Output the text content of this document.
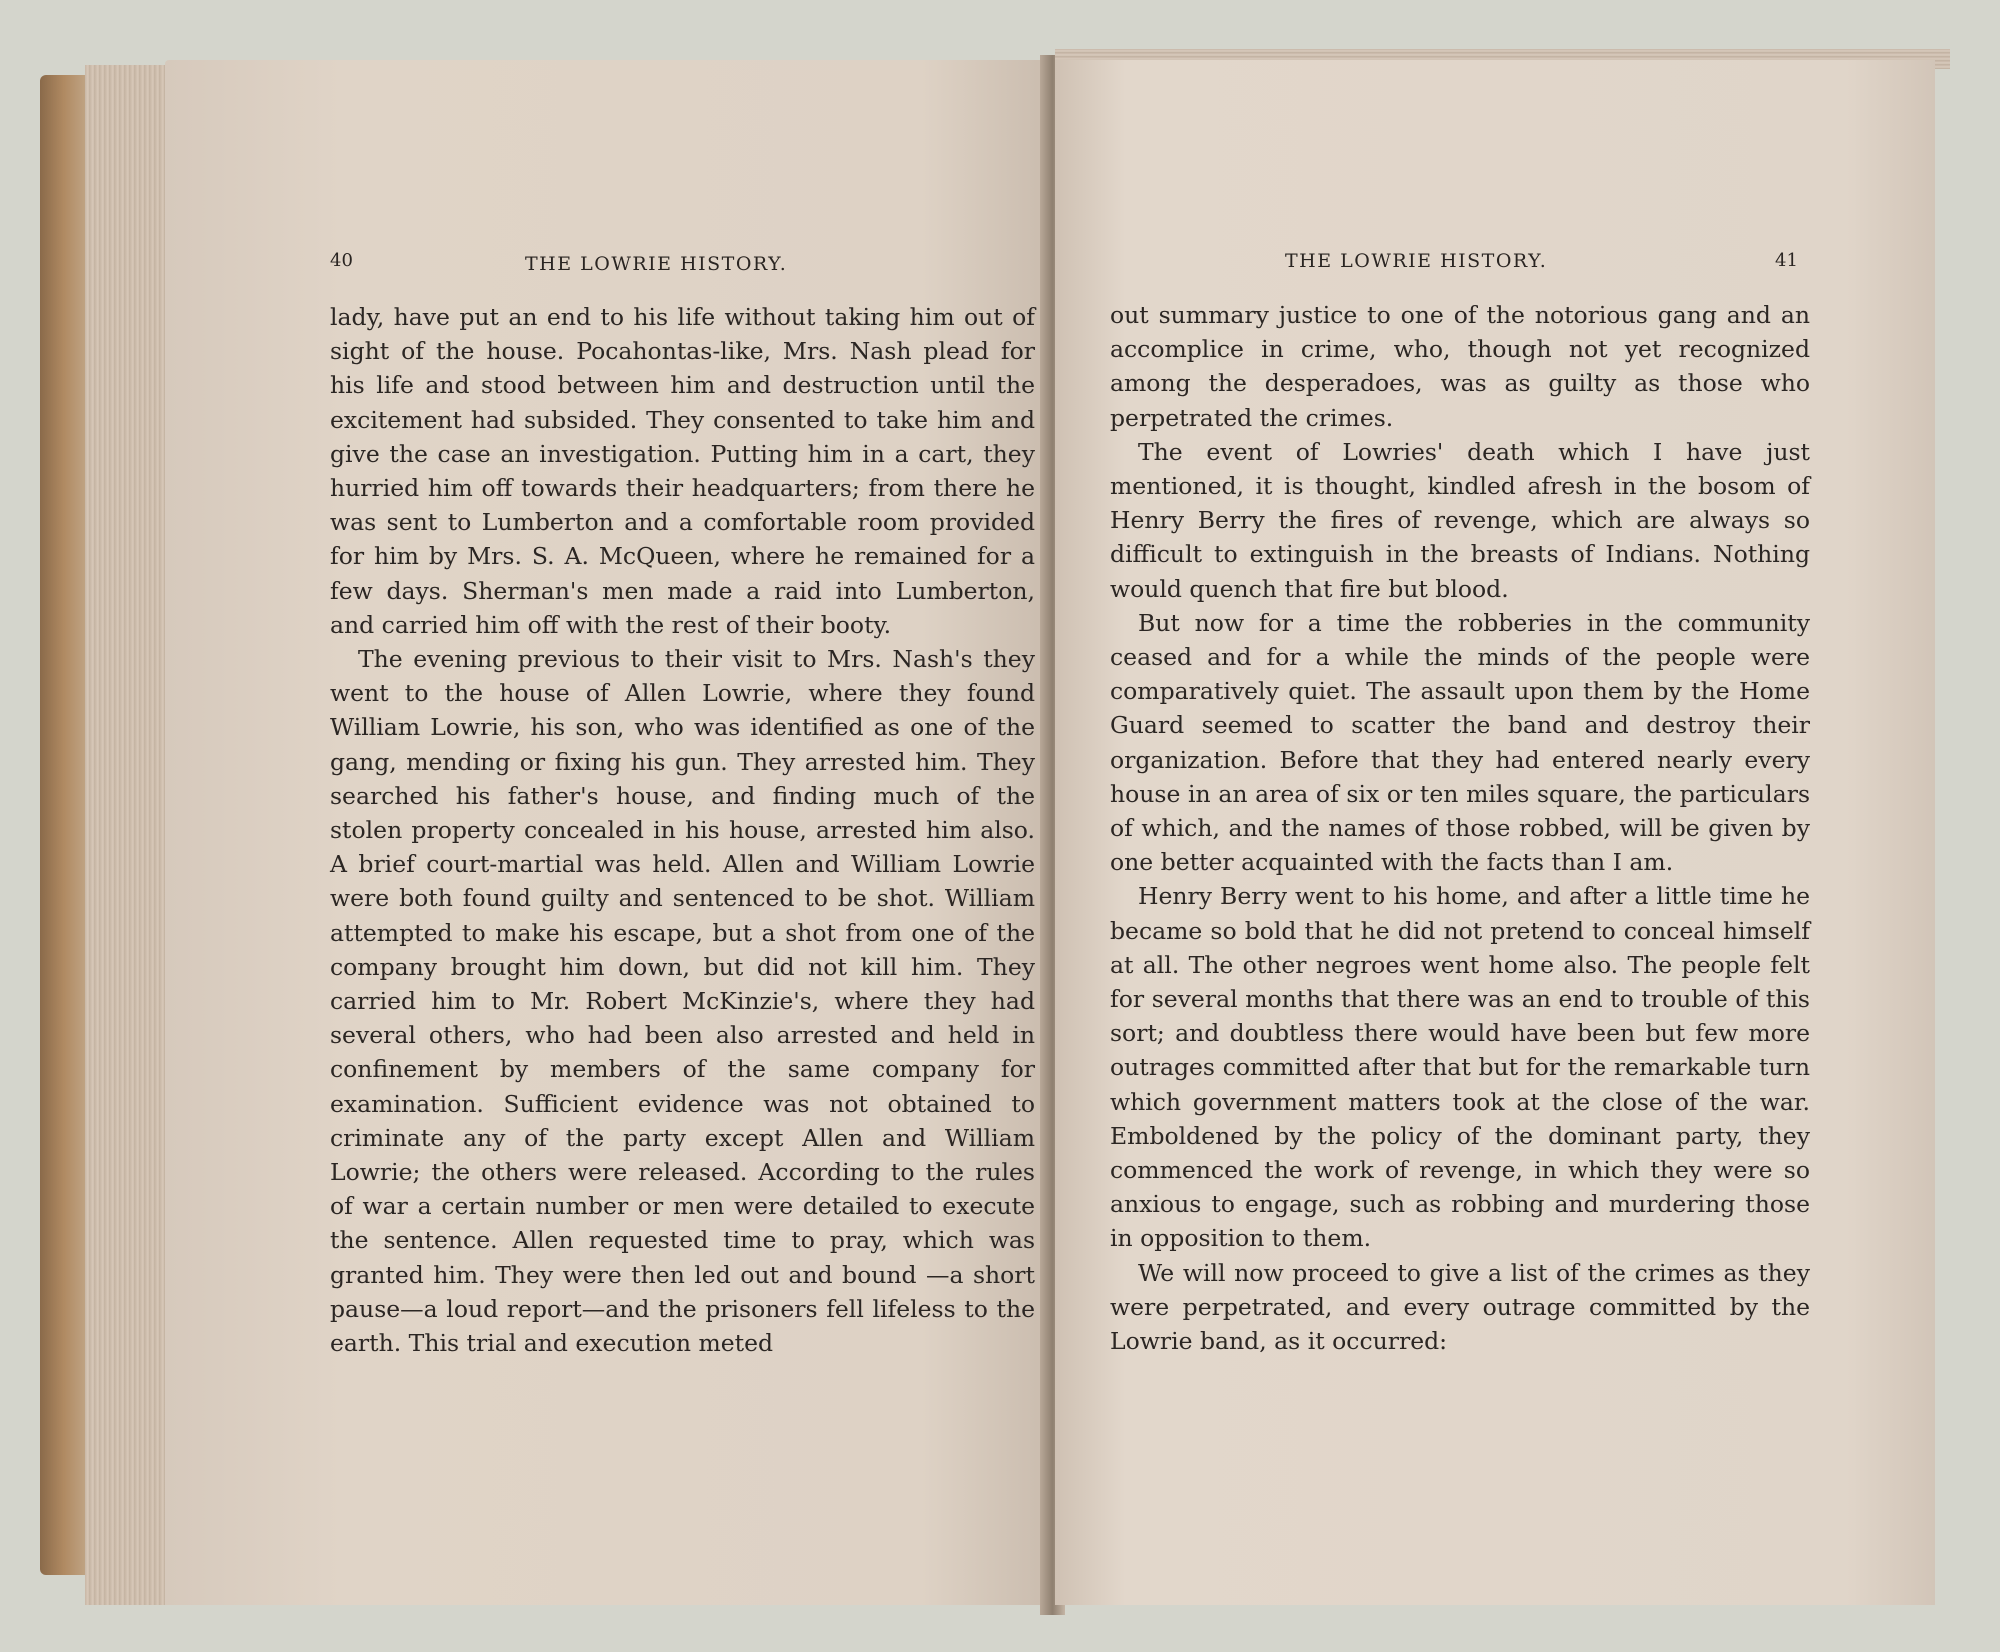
40	THE LOWRIE HISTORY.

lady, have put an end to his life without taking him out of sight of the house. Pocahontas-like, Mrs. Nash plead for his life and stood between him and destruction until the excitement had subsided. They consented to take him and give the case an investigation. Putting him in a cart, they hurried him off towards their headquarters; from there he was sent to Lumberton and a comfortable room provided for him by Mrs. S. A. McQueen, where he remained for a few days. Sherman's men made a raid into Lumberton, and carried him off with the rest of their booty.

The evening previous to their visit to Mrs. Nash's they went to the house of Allen Lowrie, where they found William Lowrie, his son, who was identified as one of the gang, mending or fixing his gun. They arrested him. They searched his father's house, and finding much of the stolen property concealed in his house, arrested him also. A brief court-martial was held. Allen and William Lowrie were both found guilty and sentenced to be shot. William attempted to make his escape, but a shot from one of the company brought him down, but did not kill him. They carried him to Mr. Robert McKinzie's, where they had several others, who had been also arrested and held in confinement by members of the same company for examination. Sufficient evidence was not obtained to criminate any of the party except Allen and William Lowrie; the others were released. According to the rules of war a certain number or men were detailed to execute the sentence. Allen requested time to pray, which was granted him. They were then led out and bound —a short pause—a loud report—and the prisoners fell lifeless to the earth. This trial and execution meted

THE LOWRIE HISTORY.	41

out summary justice to one of the notorious gang and an accomplice in crime, who, though not yet recognized among the desperadoes, was as guilty as those who perpetrated the crimes.

The event of Lowries' death which I have just mentioned, it is thought, kindled afresh in the bosom of Henry Berry the fires of revenge, which are always so difficult to extinguish in the breasts of Indians. Nothing would quench that fire but blood.

But now for a time the robberies in the community ceased and for a while the minds of the people were comparatively quiet. The assault upon them by the Home Guard seemed to scatter the band and destroy their organization. Before that they had entered nearly every house in an area of six or ten miles square, the particulars of which, and the names of those robbed, will be given by one better acquainted with the facts than I am.

Henry Berry went to his home, and after a little time he became so bold that he did not pretend to conceal himself at all. The other negroes went home also. The people felt for several months that there was an end to trouble of this sort; and doubtless there would have been but few more outrages committed after that but for the remarkable turn which government matters took at the close of the war. Emboldened by the policy of the dominant party, they commenced the work of revenge, in which they were so anxious to engage, such as robbing and murdering those in opposition to them.

We will now proceed to give a list of the crimes as they were perpetrated, and every outrage committed by the Lowrie band, as it occurred:
